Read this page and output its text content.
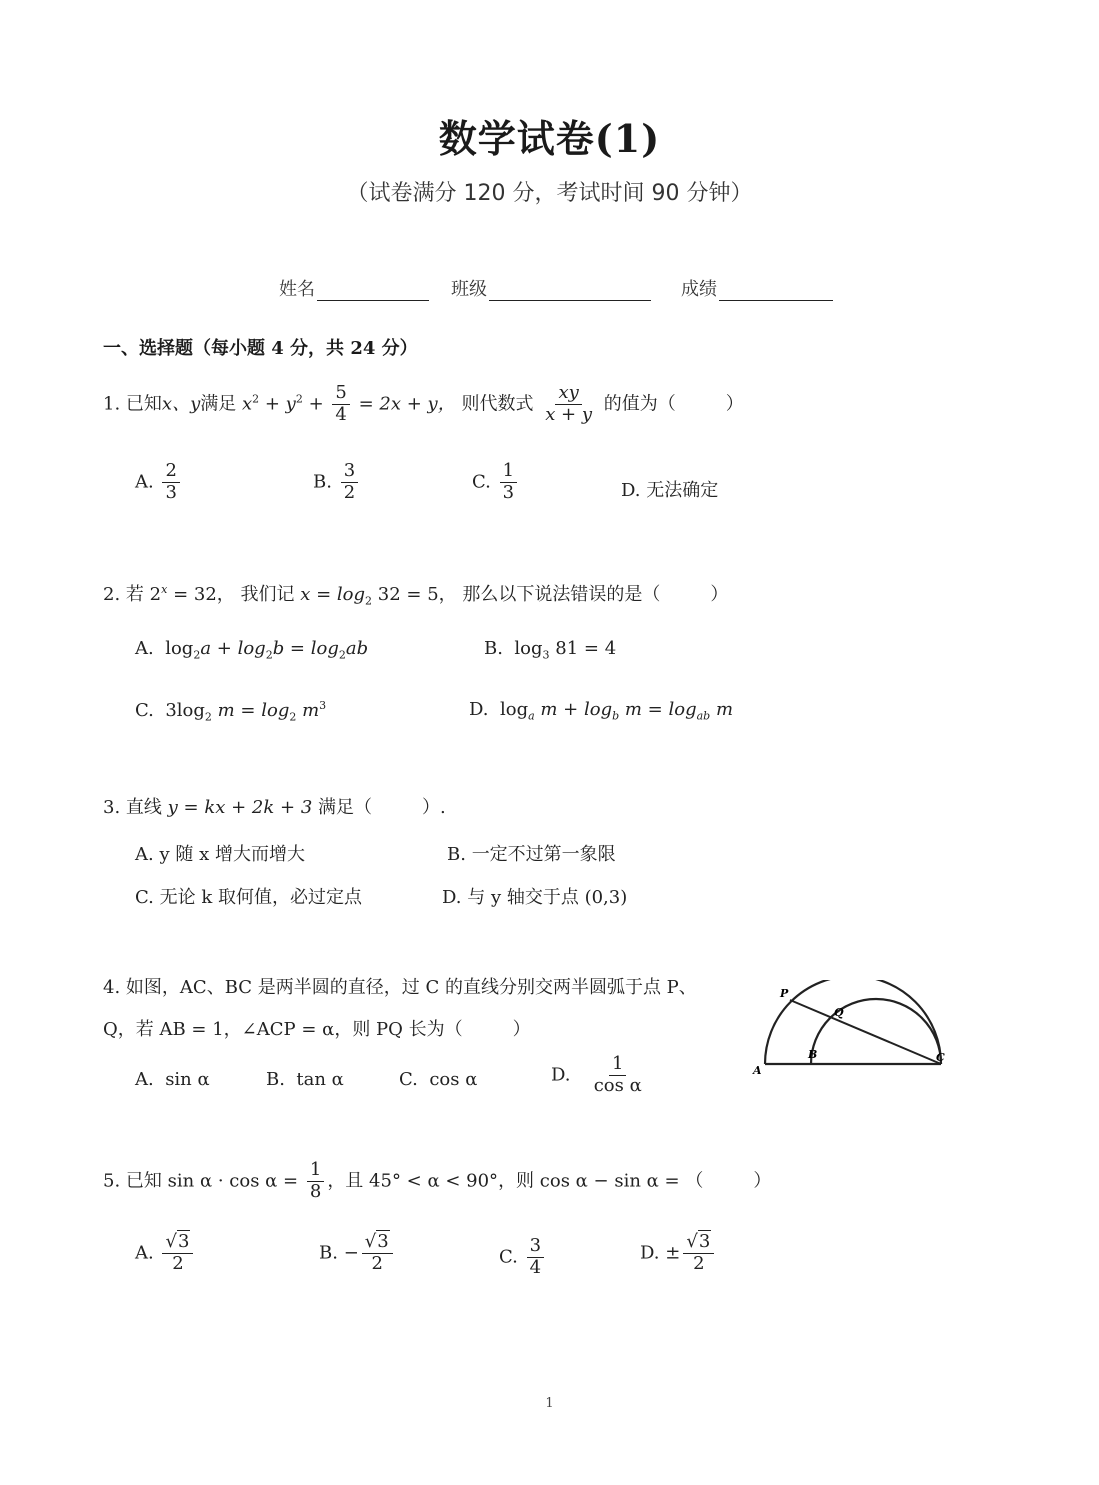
数学试卷(1)
（试卷满分 120 分，考试时间 90 分钟）
姓名	班级	成绩
一、选择题（每小题 4 分，共 24 分）
1. 已知x、y满足 $x^2 + y^2 + \frac{5}{4} = 2x + y$， 则代数式 $\frac{xy}{x + y}$ 的值为（	）
A. $\frac{2}{3}$	B. $\frac{3}{2}$	C. $\frac{1}{3}$	D. 无法确定
2. 若 $2^x = 32$， 我们记 $x = \log_2 32 = 5$， 那么以下说法错误的是（	）
A. $\log_2a + \log_2b = \log_2ab$	B. $\log_3 81 = 4$
C. $3\log_2$ $m = \log_2 m^3$	D. $\log_a m + \log_b m = \log_{ab} m$
3. 直线 y = kx + 2k + 3 满足（	）.
A. y 随 x 增大而增大	B. 一定不过第一象限
C. 无论 k 取何值，必过定点	D. 与 y 轴交于点 (0,3)
4. 如图，AC、BC 是两半圆的直径，过 C 的直线分别交两半圆弧于点 P、
Q，若 AB = 1，∠ACP = α，则 PQ 长为（	）
A. sin α	B. tan α	C. cos α	D. $\frac{1}{\text{cos α}}$
P
Q
A
B	C
5. 已知 $\sin \alpha \cdot \cos \alpha = \frac{1}{8}$ ，且 45° < α < 90°，则 cos α − sin α = （	）
A. $\frac{√3}{2}$	B. − $\frac{√3}{2}$	C. $\frac{3}{4}$	D. ± $\frac{√3}{2}$
1
